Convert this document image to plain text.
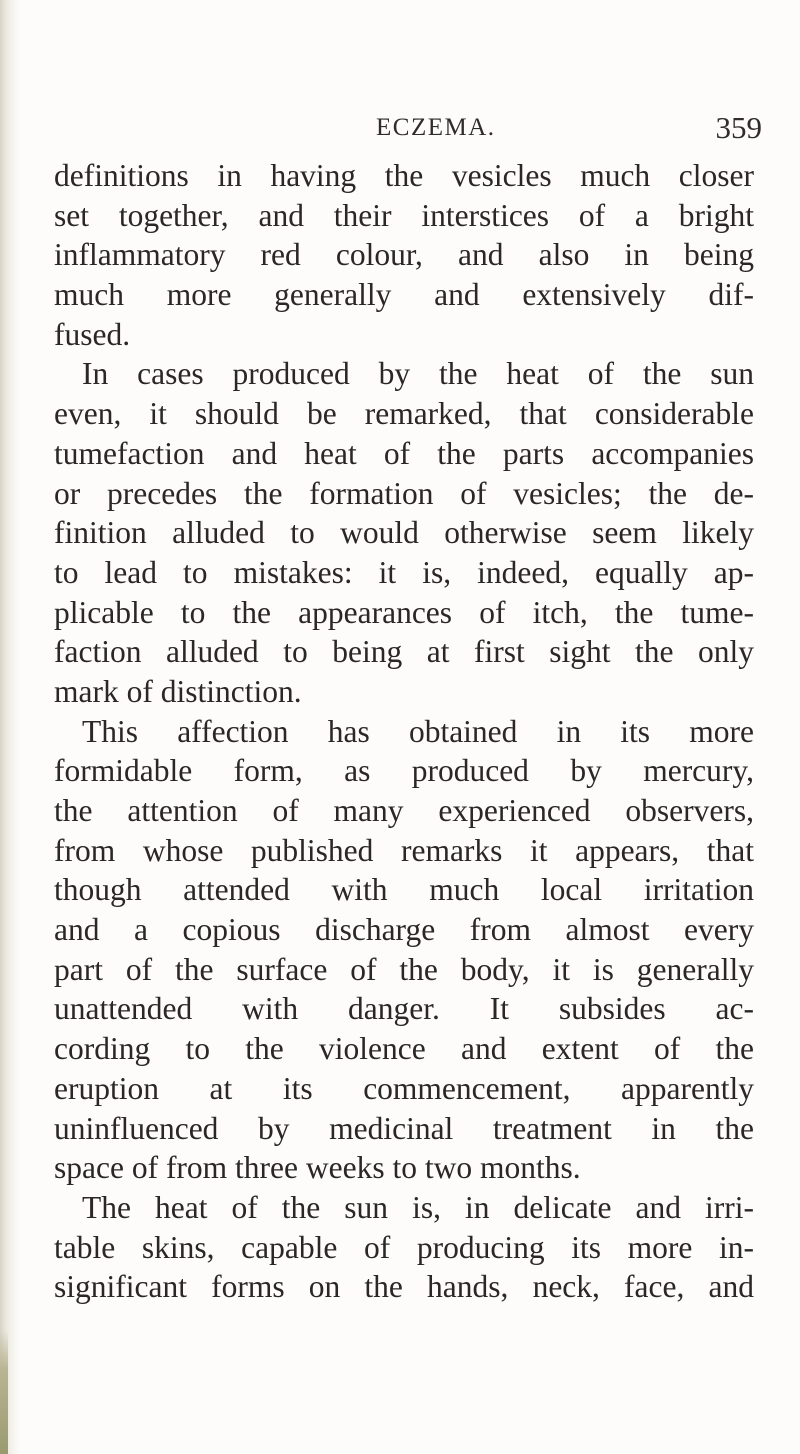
ECZEMA.	359
definitions in having the vesicles much closer
set together, and their interstices of a bright
inflammatory red colour, and also in being
much more generally and extensively dif-
fused.
In cases produced by the heat of the sun
even, it should be remarked, that considerable
tumefaction and heat of the parts accompanies
or precedes the formation of vesicles; the de-
finition alluded to would otherwise seem likely
to lead to mistakes: it is, indeed, equally ap-
plicable to the appearances of itch, the tume-
faction alluded to being at first sight the only
mark of distinction.
This affection has obtained in its more
formidable form, as produced by mercury,
the attention of many experienced observers,
from whose published remarks it appears, that
though attended with much local irritation
and a copious discharge from almost every
part of the surface of the body, it is generally
unattended with danger. It subsides ac-
cording to the violence and extent of the
eruption at its commencement, apparently
uninfluenced by medicinal treatment in the
space of from three weeks to two months.
The heat of the sun is, in delicate and irri-
table skins, capable of producing its more in-
significant forms on the hands, neck, face, and
